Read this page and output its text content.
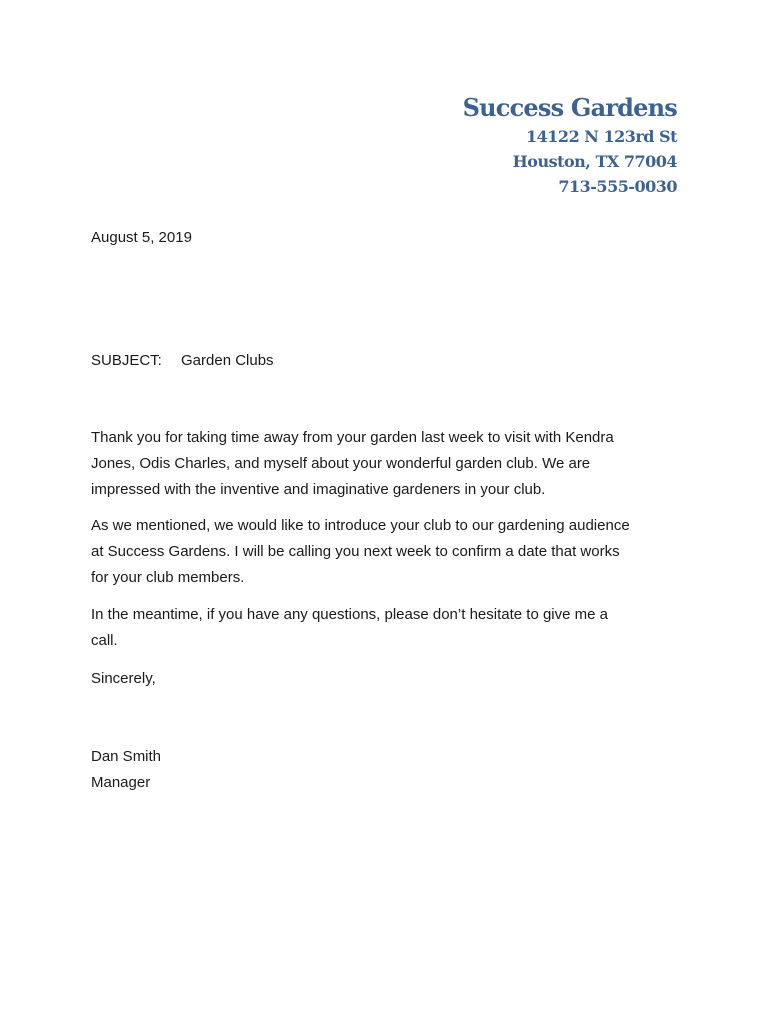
Success Gardens
14122 N 123rd St
Houston, TX 77004
713-555-0030
August 5, 2019
SUBJECT: Garden Clubs
Thank you for taking time away from your garden last week to visit with Kendra
Jones, Odis Charles, and myself about your wonderful garden club. We are
impressed with the inventive and imaginative gardeners in your club.
As we mentioned, we would like to introduce your club to our gardening audience
at Success Gardens. I will be calling you next week to confirm a date that works
for your club members.
In the meantime, if you have any questions, please don’t hesitate to give me a
call.
Sincerely,
Dan Smith
Manager
